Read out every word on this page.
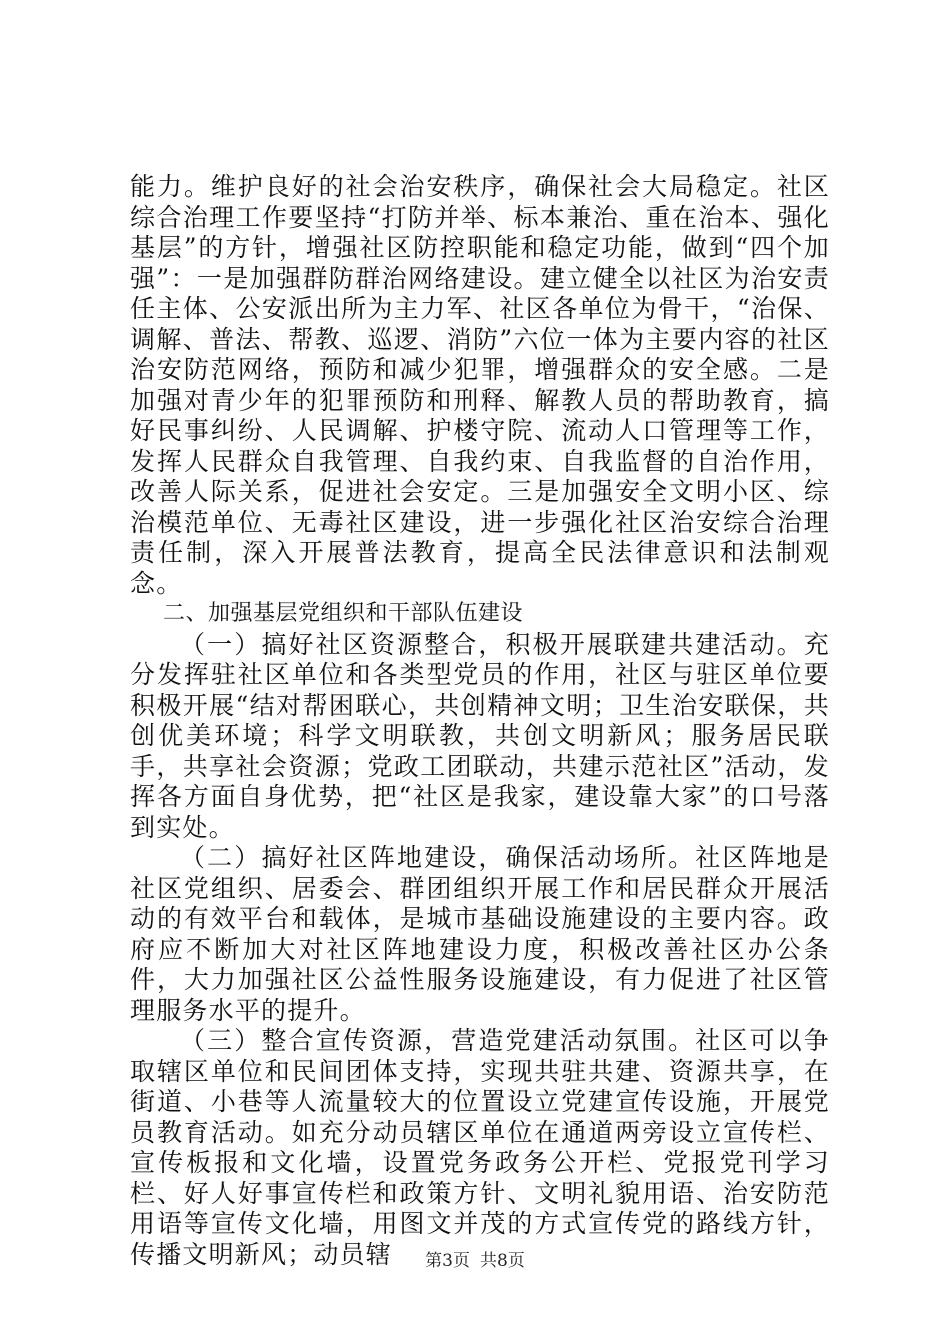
能力。维护良好的社会治安秩序，确保社会大局稳定。社区综合治理工作要坚持“打防并举、标本兼治、重在治本、强化基层”的方针，增强社区防控职能和稳定功能，做到“四个加强”：一是加强群防群治网络建设。建立健全以社区为治安责任主体、公安派出所为主力军、社区各单位为骨干，“治保、调解、普法、帮教、巡逻、消防”六位一体为主要内容的社区治安防范网络，预防和减少犯罪，增强群众的安全感。二是加强对青少年的犯罪预防和刑释、解教人员的帮助教育，搞好民事纠纷、人民调解、护楼守院、流动人口管理等工作，发挥人民群众自我管理、自我约束、自我监督的自治作用，改善人际关系，促进社会安定。三是加强安全文明小区、综治模范单位、无毒社区建设，进一步强化社区治安综合治理责任制，深入开展普法教育，提高全民法律意识和法制观念。

二、加强基层党组织和干部队伍建设

（一）搞好社区资源整合，积极开展联建共建活动。充分发挥驻社区单位和各类型党员的作用，社区与驻区单位要积极开展“结对帮困联心，共创精神文明；卫生治安联保，共创优美环境；科学文明联教，共创文明新风；服务居民联手，共享社会资源；党政工团联动，共建示范社区”活动，发挥各方面自身优势，把“社区是我家，建设靠大家”的口号落到实处。

（二）搞好社区阵地建设，确保活动场所。社区阵地是社区党组织、居委会、群团组织开展工作和居民群众开展活动的有效平台和载体，是城市基础设施建设的主要内容。政府应不断加大对社区阵地建设力度，积极改善社区办公条件，大力加强社区公益性服务设施建设，有力促进了社区管理服务水平的提升。

（三）整合宣传资源，营造党建活动氛围。社区可以争取辖区单位和民间团体支持，实现共驻共建、资源共享，在街道、小巷等人流量较大的位置设立党建宣传设施，开展党员教育活动。如充分动员辖区单位在通道两旁设立宣传栏、宣传板报和文化墙，设置党务政务公开栏、党报党刊学习栏、好人好事宣传栏和政策方针、文明礼貌用语、治安防范用语等宣传文化墙，用图文并茂的方式宣传党的路线方针，传播文明新风；动员辖	第3页 共8页
